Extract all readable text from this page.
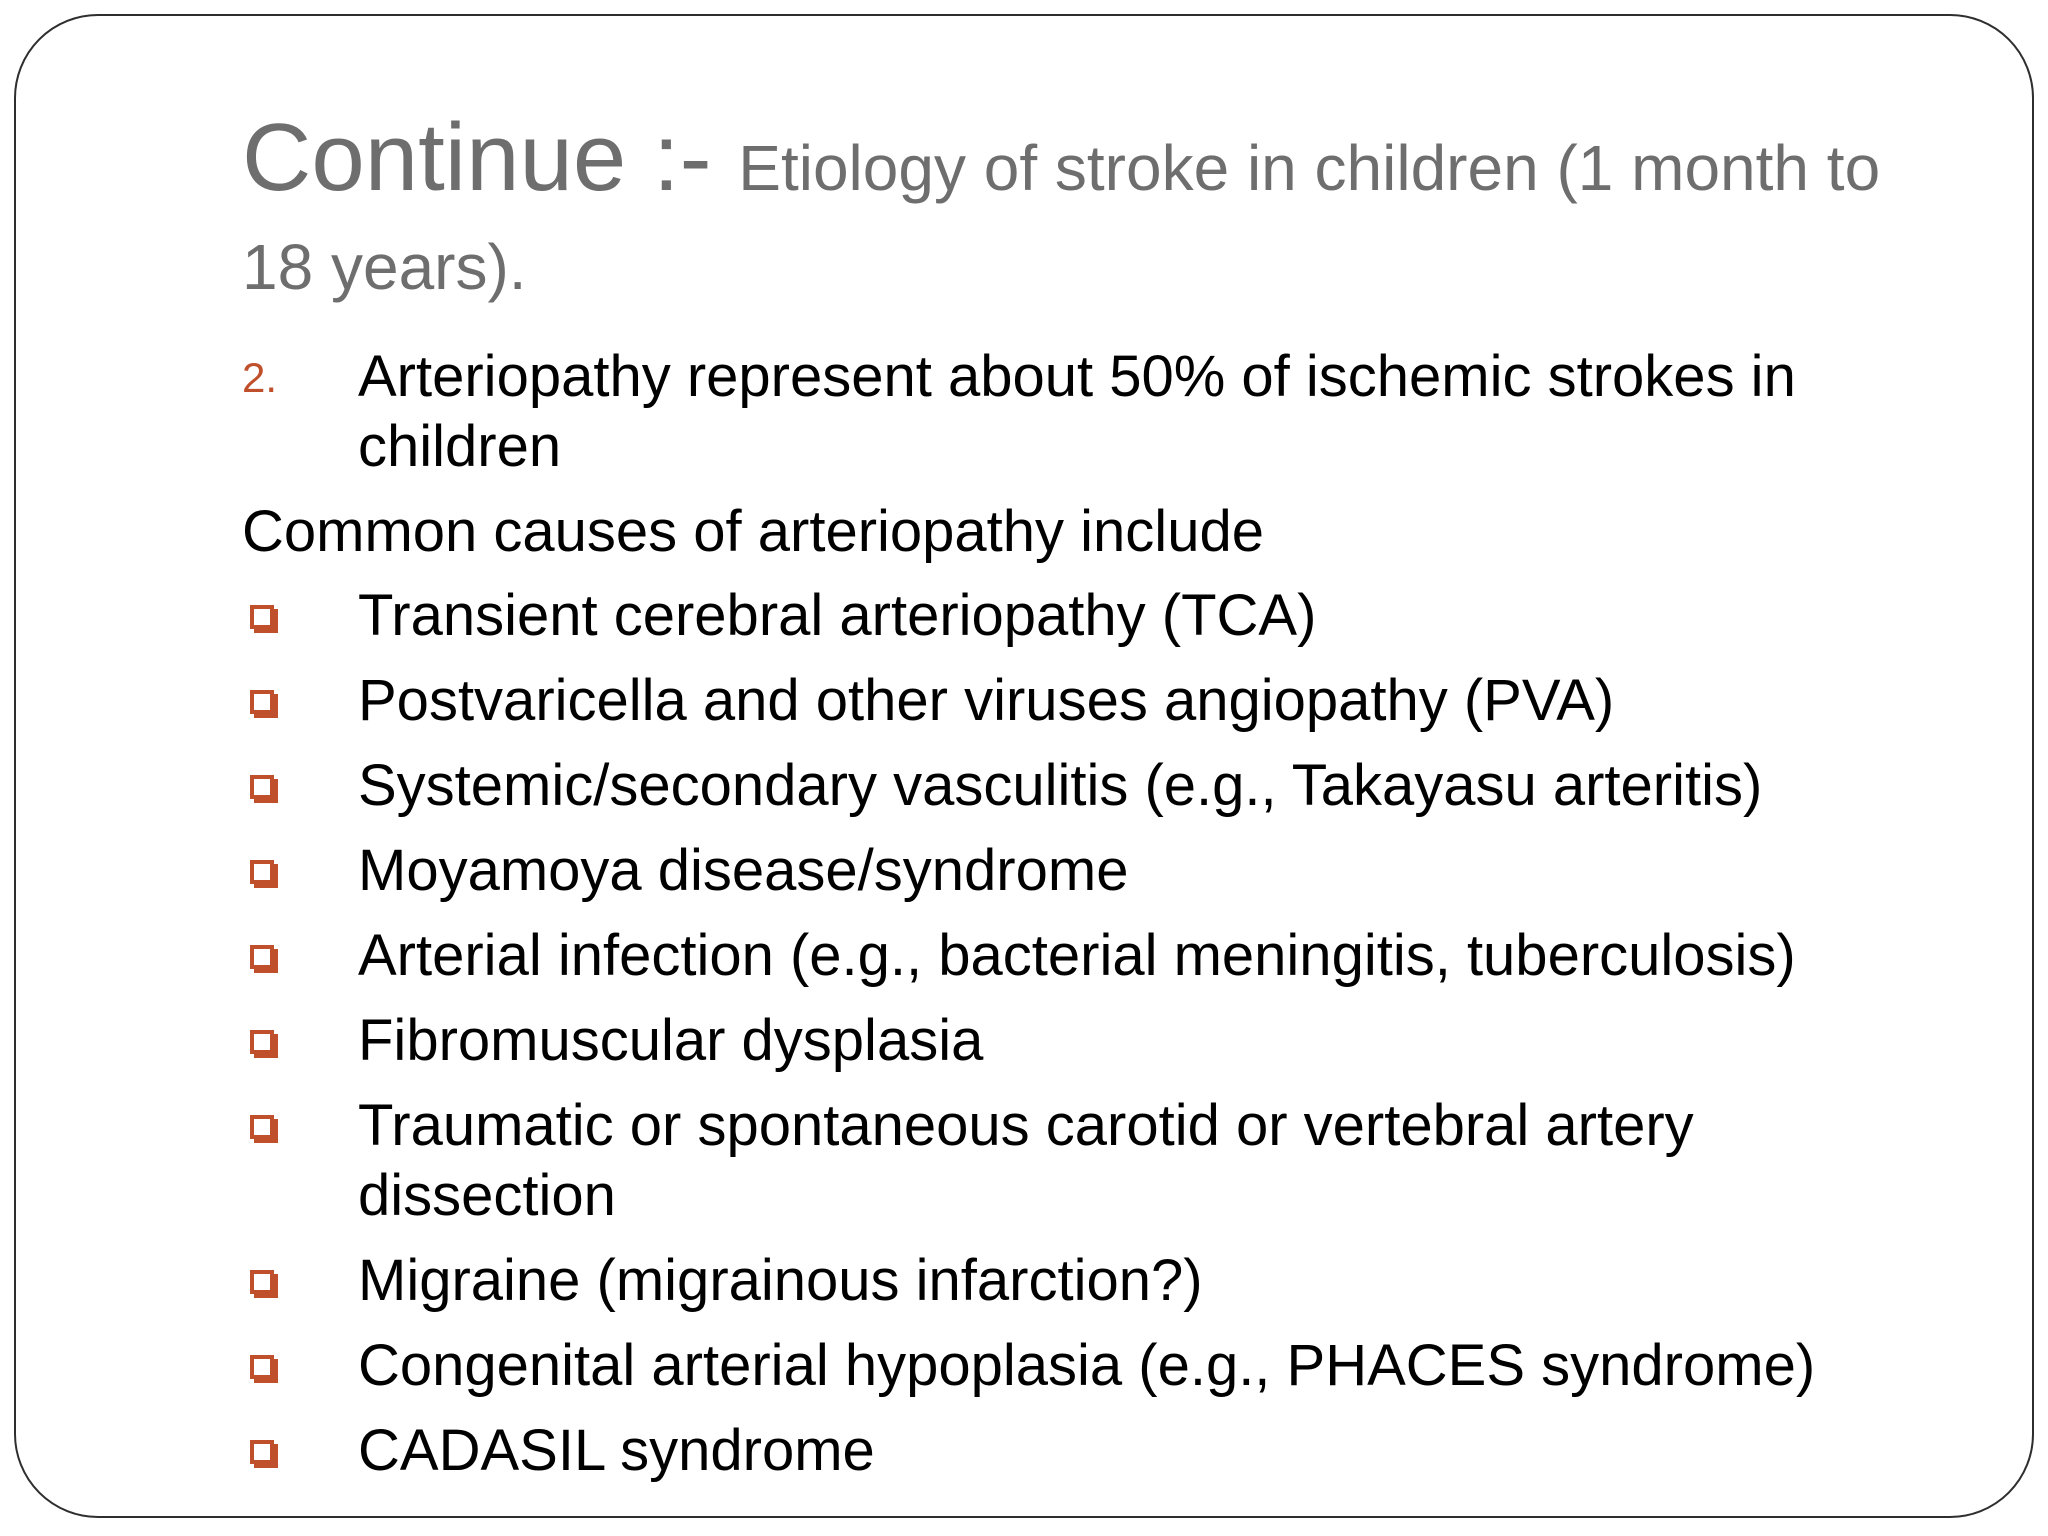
Continue :- Etiology of stroke in children (1 month to 18 years).
2. Arteriopathy represent about 50% of ischemic strokes in children
Common causes of arteriopathy include
Transient cerebral arteriopathy (TCA)
Postvaricella and other viruses angiopathy (PVA)
Systemic/secondary vasculitis (e.g., Takayasu arteritis)
Moyamoya disease/syndrome
Arterial infection (e.g., bacterial meningitis, tuberculosis)
Fibromuscular dysplasia
Traumatic or spontaneous carotid or vertebral artery dissection
Migraine (migrainous infarction?)
Congenital arterial hypoplasia (e.g., PHACES syndrome)
CADASIL syndrome
